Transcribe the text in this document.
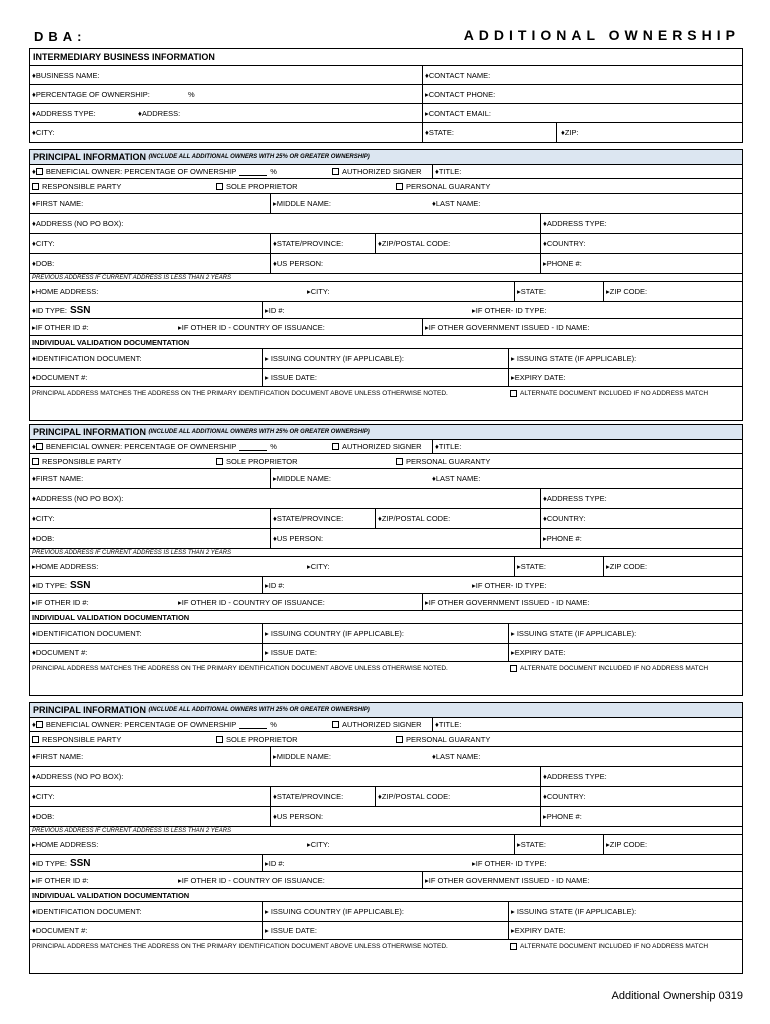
DBA:	ADDITIONAL OWNERSHIP
INTERMEDIARY BUSINESS INFORMATION
♦BUSINESS NAME:	♦CONTACT NAME:
♦PERCENTAGE OF OWNERSHIP:	%	▸CONTACT PHONE:
♦ADDRESS TYPE:	♦ADDRESS:	▸CONTACT EMAIL:
♦CITY:	♦STATE:	♦ZIP:
PRINCIPAL INFORMATION
(INCLUDE ALL ADDITIONAL OWNERS WITH 25% OR GREATER OWNERSHIP)
♦ BENEFICIAL OWNER: PERCENTAGE OF OWNERSHIP	%	AUTHORIZED SIGNER	♦TITLE:
RESPONSIBLE PARTY	SOLE PROPRIETOR	PERSONAL GUARANTY
♦FIRST NAME:	▸MIDDLE NAME:	♦LAST NAME:
♦ADDRESS (NO PO BOX):	♦ADDRESS TYPE:
♦CITY:	♦STATE/PROVINCE:	♦ZIP/POSTAL CODE:	♦COUNTRY:
♦DOB:	♦US PERSON:	▸PHONE #:
PREVIOUS ADDRESS IF CURRENT ADDRESS IS LESS THAN 2 YEARS
▸HOME ADDRESS:	▸CITY:	▸STATE:	▸ZIP CODE:
♦ID TYPE: SSN	▸ID #:	▸IF OTHER- ID TYPE:
▸IF OTHER ID #:	▸IF OTHER ID - COUNTRY OF ISSUANCE:	▸IF OTHER GOVERNMENT ISSUED - ID NAME:
INDIVIDUAL VALIDATION DOCUMENTATION
♦IDENTIFICATION DOCUMENT:	▸ ISSUING COUNTRY (IF APPLICABLE):	▸ ISSUING STATE (IF APPLICABLE):
♦DOCUMENT #:	▸ ISSUE DATE:	▸EXPIRY DATE:
PRINCIPAL ADDRESS MATCHES THE ADDRESS ON THE PRIMARY IDENTIFICATION DOCUMENT ABOVE UNLESS OTHERWISE NOTED.	ALTERNATE DOCUMENT INCLUDED IF NO ADDRESS MATCH
PRINCIPAL INFORMATION
(INCLUDE ALL ADDITIONAL OWNERS WITH 25% OR GREATER OWNERSHIP)
♦ BENEFICIAL OWNER: PERCENTAGE OF OWNERSHIP	%	AUTHORIZED SIGNER	♦TITLE:
RESPONSIBLE PARTY	SOLE PROPRIETOR	PERSONAL GUARANTY
♦FIRST NAME:	▸MIDDLE NAME:	♦LAST NAME:
♦ADDRESS (NO PO BOX):	♦ADDRESS TYPE:
♦CITY:	♦STATE/PROVINCE:	♦ZIP/POSTAL CODE:	♦COUNTRY:
♦DOB:	♦US PERSON:	▸PHONE #:
PREVIOUS ADDRESS IF CURRENT ADDRESS IS LESS THAN 2 YEARS
▸HOME ADDRESS:	▸CITY:	▸STATE:	▸ZIP CODE:
♦ID TYPE: SSN	▸ID #:	▸IF OTHER- ID TYPE:
▸IF OTHER ID #:	▸IF OTHER ID - COUNTRY OF ISSUANCE:	▸IF OTHER GOVERNMENT ISSUED - ID NAME:
INDIVIDUAL VALIDATION DOCUMENTATION
♦IDENTIFICATION DOCUMENT:	▸ ISSUING COUNTRY (IF APPLICABLE):	▸ ISSUING STATE (IF APPLICABLE):
♦DOCUMENT #:	▸ ISSUE DATE:	▸EXPIRY DATE:
PRINCIPAL ADDRESS MATCHES THE ADDRESS ON THE PRIMARY IDENTIFICATION DOCUMENT ABOVE UNLESS OTHERWISE NOTED.	ALTERNATE DOCUMENT INCLUDED IF NO ADDRESS MATCH
PRINCIPAL INFORMATION
(INCLUDE ALL ADDITIONAL OWNERS WITH 25% OR GREATER OWNERSHIP)
♦ BENEFICIAL OWNER: PERCENTAGE OF OWNERSHIP	%	AUTHORIZED SIGNER	♦TITLE:
RESPONSIBLE PARTY	SOLE PROPRIETOR	PERSONAL GUARANTY
♦FIRST NAME:	▸MIDDLE NAME:	♦LAST NAME:
♦ADDRESS (NO PO BOX):	♦ADDRESS TYPE:
♦CITY:	♦STATE/PROVINCE:	♦ZIP/POSTAL CODE:	♦COUNTRY:
♦DOB:	♦US PERSON:	▸PHONE #:
PREVIOUS ADDRESS IF CURRENT ADDRESS IS LESS THAN 2 YEARS
▸HOME ADDRESS:	▸CITY:	▸STATE:	▸ZIP CODE:
♦ID TYPE: SSN	▸ID #:	▸IF OTHER- ID TYPE:
▸IF OTHER ID #:	▸IF OTHER ID - COUNTRY OF ISSUANCE:	▸IF OTHER GOVERNMENT ISSUED - ID NAME:
INDIVIDUAL VALIDATION DOCUMENTATION
♦IDENTIFICATION DOCUMENT:	▸ ISSUING COUNTRY (IF APPLICABLE):	▸ ISSUING STATE (IF APPLICABLE):
♦DOCUMENT #:	▸ ISSUE DATE:	▸EXPIRY DATE:
PRINCIPAL ADDRESS MATCHES THE ADDRESS ON THE PRIMARY IDENTIFICATION DOCUMENT ABOVE UNLESS OTHERWISE NOTED.	ALTERNATE DOCUMENT INCLUDED IF NO ADDRESS MATCH
Additional Ownership 0319
